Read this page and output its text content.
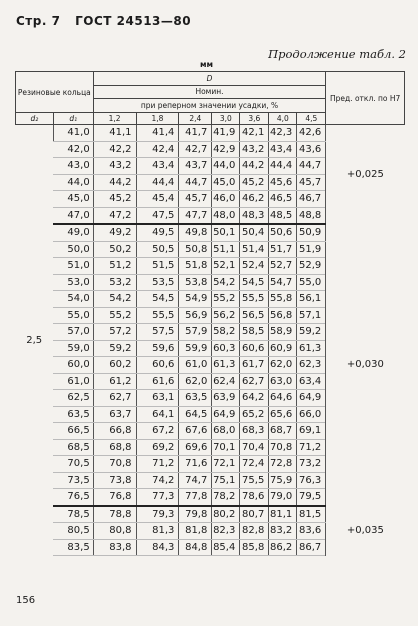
Стр. 7 ГОСТ 24513—80
Продолжение табл. 2
мм
Резиновые кольца		D							Пред. откл. по Н7
		Номин.							
		при реперном значении усадки, %							
d₂	d₁	1,2	1,8	2,4	3,0	3,6	4,0	4,5	
2,5	41,0	41,1	41,4	41,7	41,9	42,1	42,3	42,6	+0,025
	42,0	42,2	42,4	42,7	42,9	43,2	43,4	43,6	
	43,0	43,2	43,4	43,7	44,0	44,2	44,4	44,7	
	44,0	44,2	44,4	44,7	45,0	45,2	45,6	45,7	
	45,0	45,2	45,4	45,7	46,0	46,2	46,5	46,7	
	47,0	47,2	47,5	47,7	48,0	48,3	48,5	48,8	
	49,0	49,2	49,5	49,8	50,1	50,4	50,6	50,9	+0,030
	50,0	50,2	50,5	50,8	51,1	51,4	51,7	51,9	
	51,0	51,2	51,5	51,8	52,1	52,4	52,7	52,9	
	53,0	53,2	53,5	53,8	54,2	54,5	54,7	55,0	
	54,0	54,2	54,5	54,9	55,2	55,5	55,8	56,1	
	55,0	55,2	55,5	56,9	56,2	56,5	56,8	57,1	
	57,0	57,2	57,5	57,9	58,2	58,5	58,9	59,2	
	59,0	59,2	59,6	59,9	60,3	60,6	60,9	61,3	
	60,0	60,2	60,6	61,0	61,3	61,7	62,0	62,3	
	61,0	61,2	61,6	62,0	62,4	62,7	63,0	63,4	
	62,5	62,7	63,1	63,5	63,9	64,2	64,6	64,9	
	63,5	63,7	64,1	64,5	64,9	65,2	65,6	66,0	
	66,5	66,8	67,2	67,6	68,0	68,3	68,7	69,1	
	68,5	68,8	69,2	69,6	70,1	70,4	70,8	71,2	
	70,5	70,8	71,2	71,6	72,1	72,4	72,8	73,2	
	73,5	73,8	74,2	74,7	75,1	75,5	75,9	76,3	
	76,5	76,8	77,3	77,8	78,2	78,6	79,0	79,5	
	78,5	78,8	79,3	79,8	80,2	80,7	81,1	81,5	+0,035
	80,5	80,8	81,3	81,8	82,3	82,8	83,2	83,6	
	83,5	83,8	84,3	84,8	85,4	85,8	86,2	86,7	
156
